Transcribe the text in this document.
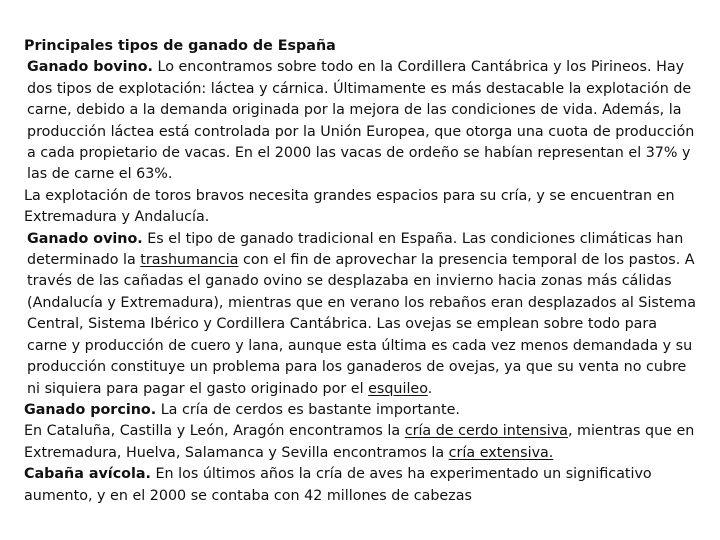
Principales tipos de ganado de España

Ganado bovino. Lo encontramos sobre todo en la Cordillera Cantábrica y los Pirineos. Hay dos tipos de explotación: láctea y cárnica. Últimamente es más destacable la explotación de carne, debido a la demanda originada por la mejora de las condiciones de vida. Además, la producción láctea está controlada por la Unión Europea, que otorga una cuota de producción a cada propietario de vacas. En el 2000 las vacas de ordeño se habían representan el 37% y las de carne el 63%.

La explotación de toros bravos necesita grandes espacios para su cría, y se encuentran en Extremadura y Andalucía.

Ganado ovino. Es el tipo de ganado tradicional en España. Las condiciones climáticas han determinado la trashumancia con el fin de aprovechar la presencia temporal de los pastos. A través de las cañadas el ganado ovino se desplazaba en invierno hacia zonas más cálidas (Andalucía y Extremadura), mientras que en verano los rebaños eran desplazados al Sistema Central, Sistema Ibérico y Cordillera Cantábrica. Las ovejas se emplean sobre todo para carne y producción de cuero y lana, aunque esta última es cada vez menos demandada y su producción constituye un problema para los ganaderos de ovejas, ya que su venta no cubre ni siquiera para pagar el gasto originado por el esquileo.

Ganado porcino. La cría de cerdos es bastante importante.

En Cataluña, Castilla y León, Aragón encontramos la cría de cerdo intensiva, mientras que en Extremadura, Huelva, Salamanca y Sevilla encontramos la cría extensiva.

Cabaña avícola. En los últimos años la cría de aves ha experimentado un significativo aumento, y en el 2000 se contaba con 42 millones de cabezas
